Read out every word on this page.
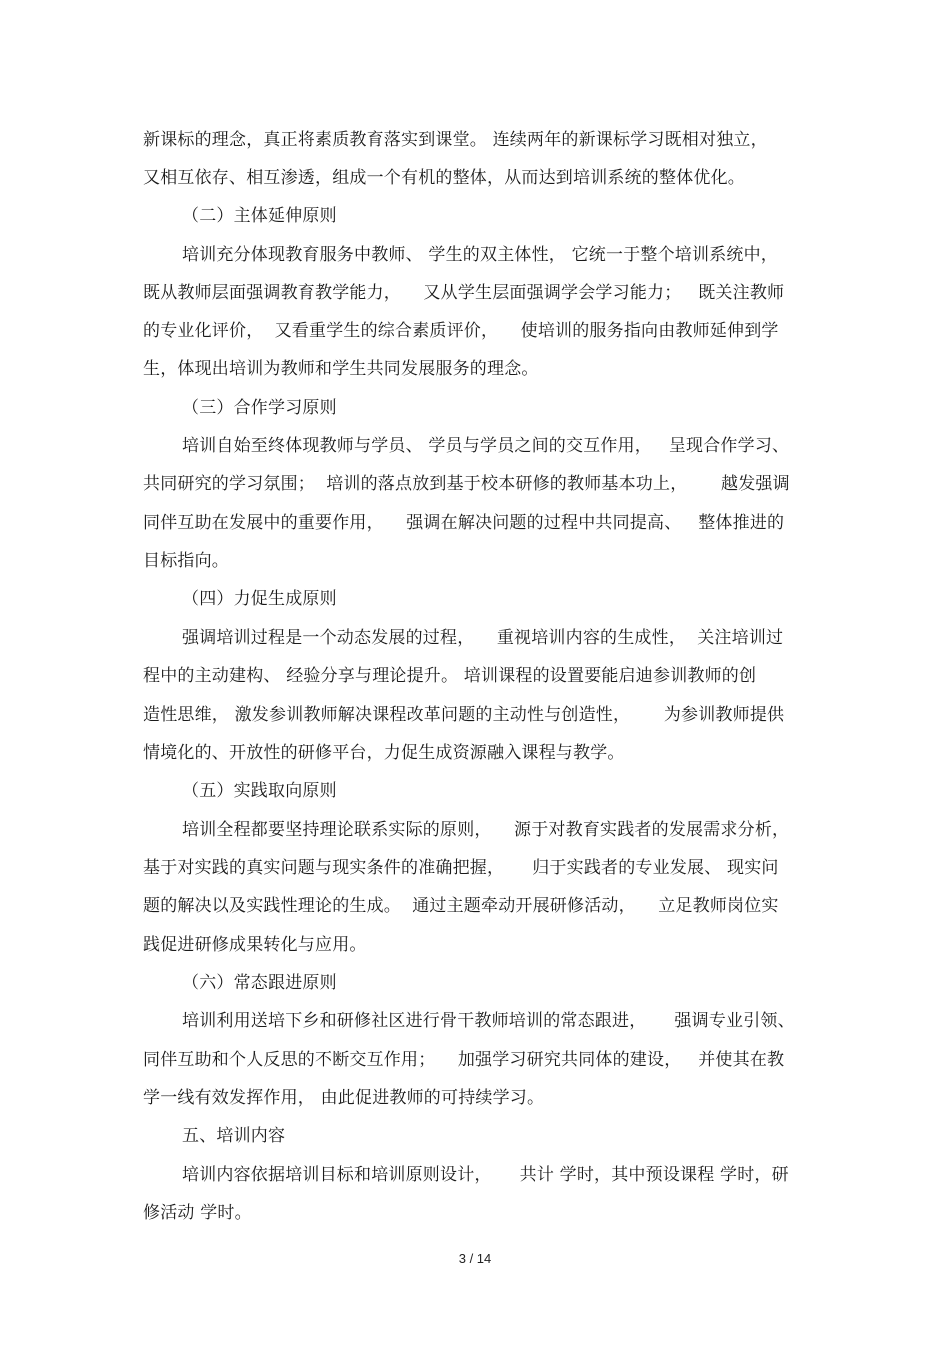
新课标的理念，真正将素质教育落实到课堂。 连续两年的新课标学习既相对独立，
又相互依存、相互渗透，组成一个有机的整体，从而达到培训系统的整体优化。
（二）主体延伸原则
培训充分体现教育服务中教师、 学生的双主体性， 它统一于整个培训系统中，
既从教师层面强调教育教学能力，    又从学生层面强调学会学习能力；   既关注教师
的专业化评价，  又看重学生的综合素质评价，    使培训的服务指向由教师延伸到学
生，体现出培训为教师和学生共同发展服务的理念。
（三）合作学习原则
培训自始至终体现教师与学员、 学员与学员之间的交互作用，   呈现合作学习、
共同研究的学习氛围；  培训的落点放到基于校本研修的教师基本功上，      越发强调
同伴互助在发展中的重要作用，    强调在解决问题的过程中共同提高、   整体推进的
目标指向。
（四）力促生成原则
强调培训过程是一个动态发展的过程，    重视培训内容的生成性，  关注培训过
程中的主动建构、 经验分享与理论提升。 培训课程的设置要能启迪参训教师的创
造性思维， 激发参训教师解决课程改革问题的主动性与创造性，      为参训教师提供
情境化的、开放性的研修平台，力促生成资源融入课程与教学。
（五）实践取向原则
培训全程都要坚持理论联系实际的原则，    源于对教育实践者的发展需求分析，
基于对实践的真实问题与现实条件的准确把握，     归于实践者的专业发展、 现实问
题的解决以及实践性理论的生成。  通过主题牵动开展研修活动，    立足教师岗位实
践促进研修成果转化与应用。
（六）常态跟进原则
培训利用送培下乡和研修社区进行骨干教师培训的常态跟进，     强调专业引领、
同伴互助和个人反思的不断交互作用；    加强学习研究共同体的建设，   并使其在教
学一线有效发挥作用， 由此促进教师的可持续学习。
五、培训内容
培训内容依据培训目标和培训原则设计，     共计 学时，其中预设课程 学时，研
修活动 学时。
3 / 14
